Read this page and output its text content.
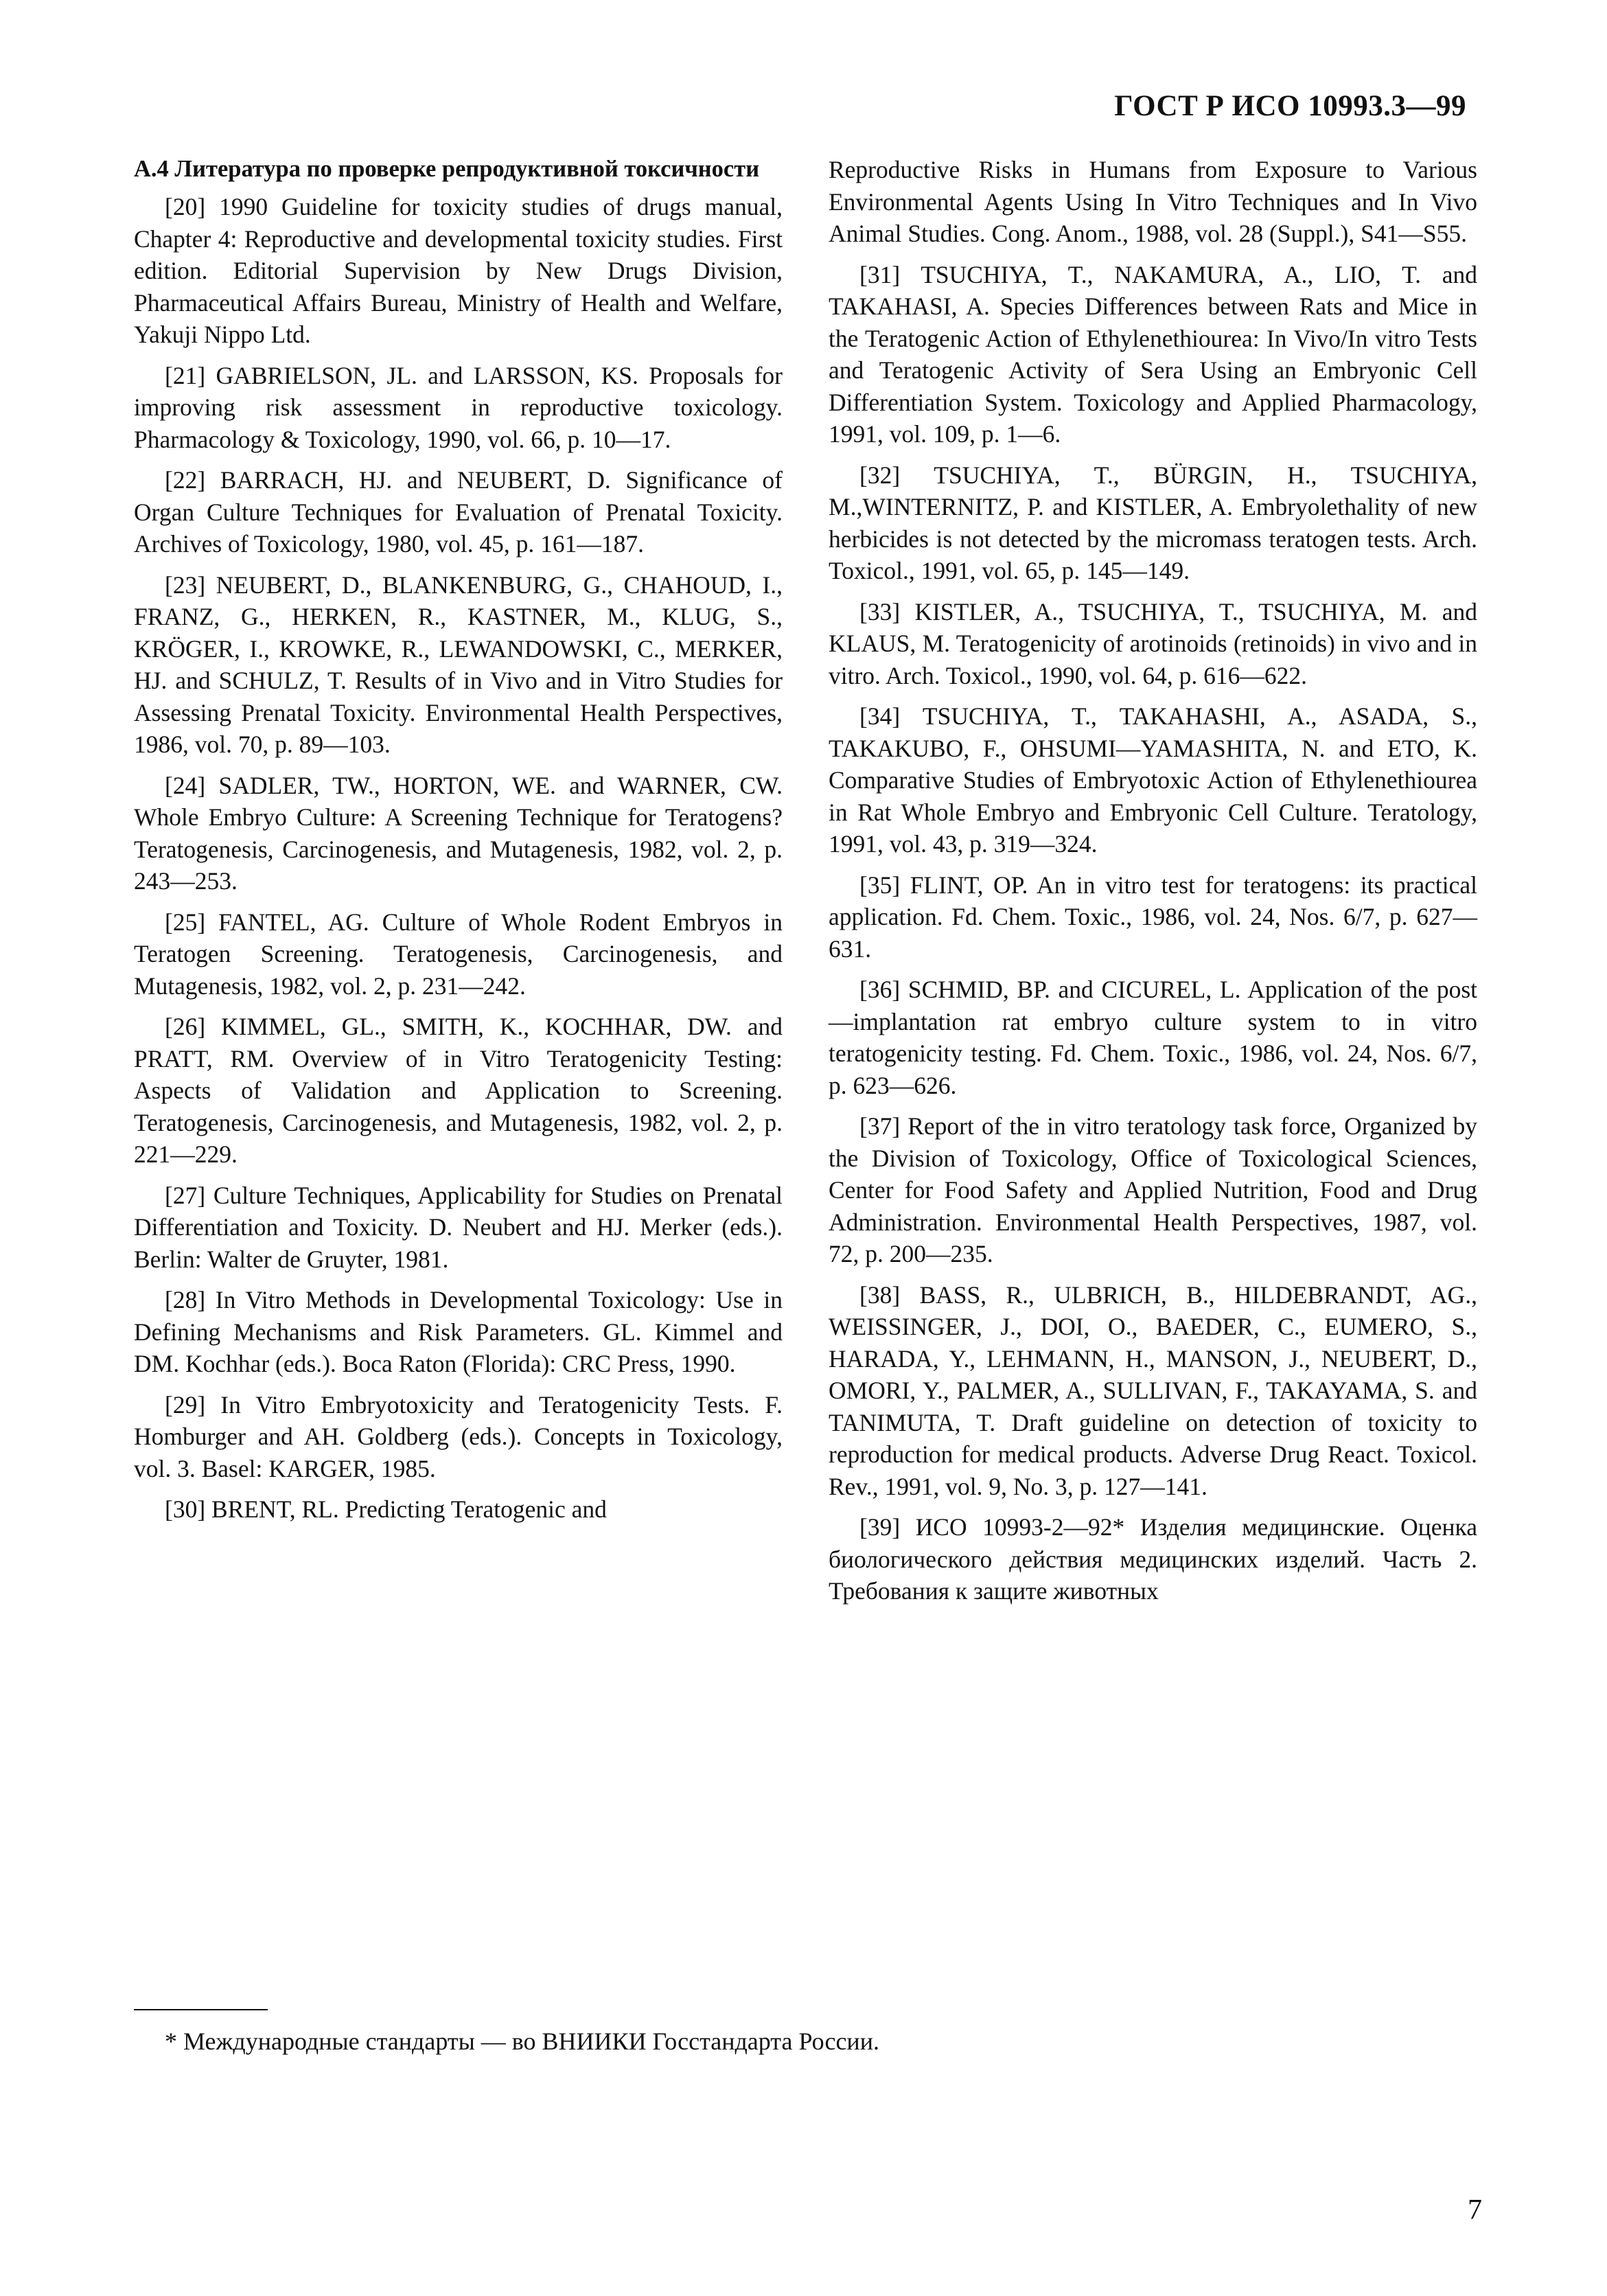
ГОСТ Р ИСО 10993.3—99
А.4 Литература по проверке репродуктивной токсичности

[20] 1990 Guideline for toxicity studies of drugs manual, Chapter 4: Reproductive and developmental toxicity studies. First edition. Editorial Supervision by New Drugs Division, Pharmaceutical Affairs Bureau, Ministry of Health and Welfare, Yakuji Nippo Ltd.

[21] GABRIELSON, JL. and LARSSON, KS. Proposals for improving risk assessment in reproductive toxicology. Pharmacology & Toxicology, 1990, vol. 66, p. 10—17.

[22] BARRACH, HJ. and NEUBERT, D. Significance of Organ Culture Techniques for Evaluation of Prenatal Toxicity. Archives of Toxicology, 1980, vol. 45, p. 161—187.

[23] NEUBERT, D., BLANKENBURG, G., CHAHOUD, I., FRANZ, G., HERKEN, R., KASTNER, M., KLUG, S., KRÖGER, I., KROWKE, R., LEWANDOWSKI, C., MERKER, HJ. and SCHULZ, T. Results of in Vivo and in Vitro Studies for Assessing Prenatal Toxicity. Environmental Health Perspectives, 1986, vol. 70, p. 89—103.

[24] SADLER, TW., HORTON, WE. and WARNER, CW. Whole Embryo Culture: A Screening Technique for Teratogens? Teratogenesis, Carcinogenesis, and Mutagenesis, 1982, vol. 2, p. 243—253.

[25] FANTEL, AG. Culture of Whole Rodent Embryos in Teratogen Screening. Teratogenesis, Carcinogenesis, and Mutagenesis, 1982, vol. 2, p. 231—242.

[26] KIMMEL, GL., SMITH, K., KOCHHAR, DW. and PRATT, RM. Overview of in Vitro Teratogenicity Testing: Aspects of Validation and Application to Screening. Teratogenesis, Carcinogenesis, and Mutagenesis, 1982, vol. 2, p. 221—229.

[27] Culture Techniques, Applicability for Studies on Prenatal Differentiation and Toxicity. D. Neubert and HJ. Merker (eds.). Berlin: Walter de Gruyter, 1981.

[28] In Vitro Methods in Developmental Toxicology: Use in Defining Mechanisms and Risk Parameters. GL. Kimmel and DM. Kochhar (eds.). Boca Raton (Florida): CRC Press, 1990.

[29] In Vitro Embryotoxicity and Teratogenicity Tests. F. Homburger and AH. Goldberg (eds.). Concepts in Toxicology, vol. 3. Basel: KARGER, 1985.

[30] BRENT, RL. Predicting Teratogenic and

Reproductive Risks in Humans from Exposure to Various Environmental Agents Using In Vitro Techniques and In Vivo Animal Studies. Cong. Anom., 1988, vol. 28 (Suppl.), S41—S55.

[31] TSUCHIYA, T., NAKAMURA, A., LIO, T. and TAKAHASI, A. Species Differences between Rats and Mice in the Teratogenic Action of Ethylenethiourea: In Vivo/In vitro Tests and Teratogenic Activity of Sera Using an Embryonic Cell Differentiation System. Toxicology and Applied Pharmacology, 1991, vol. 109, p. 1—6.

[32] TSUCHIYA, T., BÜRGIN, H., TSUCHIYA, M.,WINTERNITZ, P. and KISTLER, A. Embryolethality of new herbicides is not detected by the micromass teratogen tests. Arch. Toxicol., 1991, vol. 65, p. 145—149.

[33] KISTLER, A., TSUCHIYA, T., TSUCHIYA, M. and KLAUS, M. Teratogenicity of arotinoids (retinoids) in vivo and in vitro. Arch. Toxicol., 1990, vol. 64, p. 616—622.

[34] TSUCHIYA, T., TAKAHASHI, A., ASADA, S., TAKAKUBO, F., OHSUMI—YAMASHITA, N. and ETO, K. Comparative Studies of Embryotoxic Action of Ethylenethiourea in Rat Whole Embryo and Embryonic Cell Culture. Teratology, 1991, vol. 43, p. 319—324.

[35] FLINT, OP. An in vitro test for teratogens: its practical application. Fd. Chem. Toxic., 1986, vol. 24, Nos. 6/7, p. 627—631.

[36] SCHMID, BP. and CICUREL, L. Application of the post—implantation rat embryo culture system to in vitro teratogenicity testing. Fd. Chem. Toxic., 1986, vol. 24, Nos. 6/7, p. 623—626.

[37] Report of the in vitro teratology task force, Organized by the Division of Toxicology, Office of Toxicological Sciences, Center for Food Safety and Applied Nutrition, Food and Drug Administration. Environmental Health Perspectives, 1987, vol. 72, p. 200—235.

[38] BASS, R., ULBRICH, B., HILDEBRANDT, AG., WEISSINGER, J., DOI, O., BAEDER, C., EUMERO, S., HARADA, Y., LEHMANN, H., MANSON, J., NEUBERT, D., OMORI, Y., PALMER, A., SULLIVAN, F., TAKAYAMA, S. and TANIMUTA, T. Draft guideline on detection of toxicity to reproduction for medical products. Adverse Drug React. Toxicol. Rev., 1991, vol. 9, No. 3, p. 127—141.

[39] ИСО 10993-2—92* Изделия медицинские. Оценка биологического действия медицинских изделий. Часть 2. Требования к защите животных

* Международные стандарты — во ВНИИКИ Госстандарта России.
7
